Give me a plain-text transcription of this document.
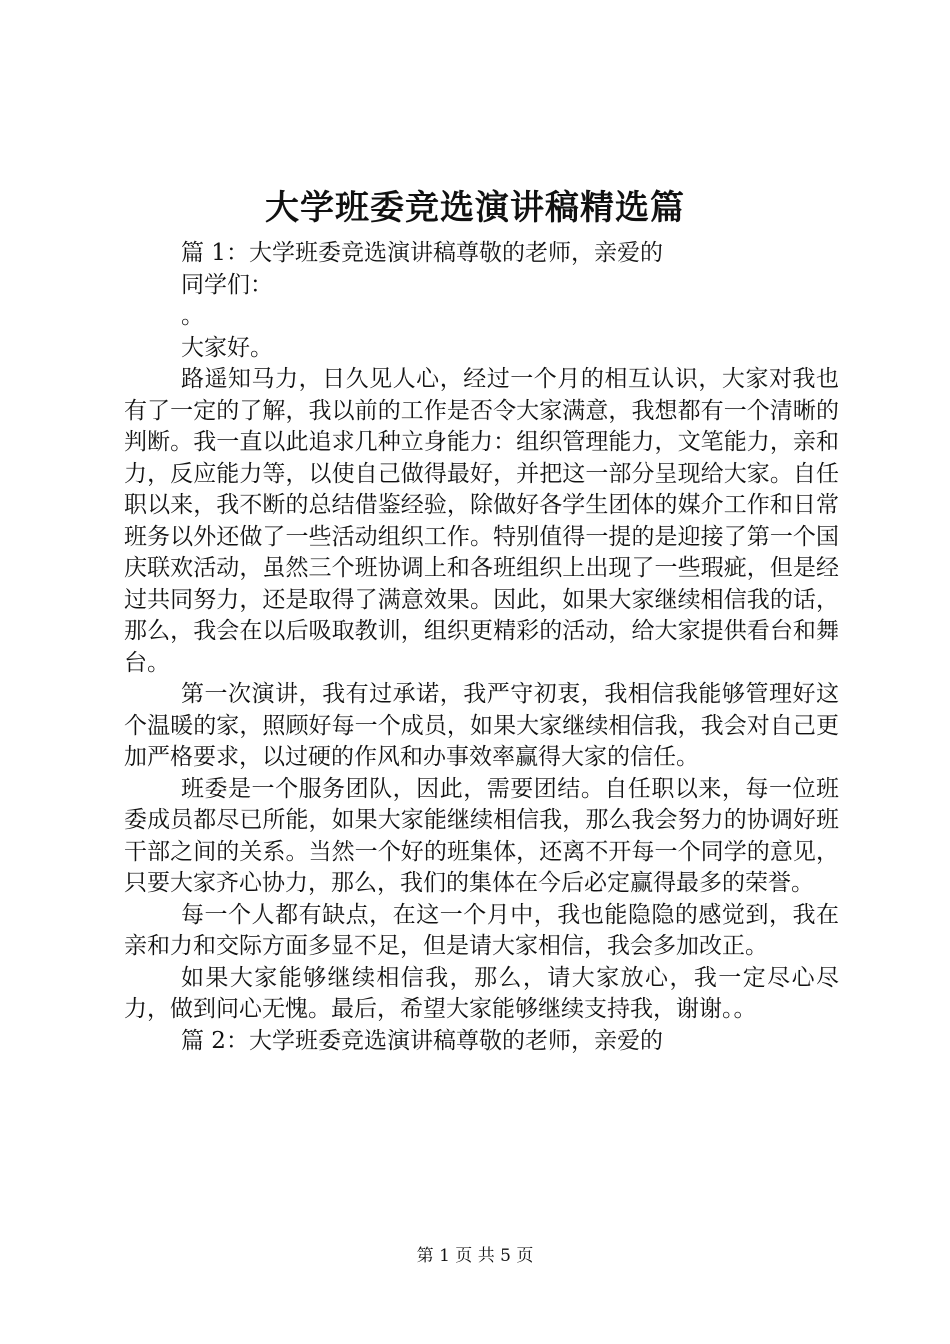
大学班委竞选演讲稿精选篇

篇 1：大学班委竞选演讲稿尊敬的老师，亲爱的

同学们：

。

大家好。

路遥知马力，日久见人心，经过一个月的相互认识，大家对我也有了一定的了解，我以前的工作是否令大家满意，我想都有一个清晰的判断。我一直以此追求几种立身能力：组织管理能力，文笔能力，亲和力，反应能力等，以使自己做得最好，并把这一部分呈现给大家。自任职以来，我不断的总结借鉴经验，除做好各学生团体的媒介工作和日常班务以外还做了一些活动组织工作。特别值得一提的是迎接了第一个国庆联欢活动，虽然三个班协调上和各班组织上出现了一些瑕疵，但是经过共同努力，还是取得了满意效果。因此，如果大家继续相信我的话，那么，我会在以后吸取教训，组织更精彩的活动，给大家提供看台和舞台。

第一次演讲，我有过承诺，我严守初衷，我相信我能够管理好这个温暖的家，照顾好每一个成员，如果大家继续相信我，我会对自己更加严格要求，以过硬的作风和办事效率赢得大家的信任。

班委是一个服务团队，因此，需要团结。自任职以来，每一位班委成员都尽已所能，如果大家能继续相信我，那么我会努力的协调好班干部之间的关系。当然一个好的班集体，还离不开每一个同学的意见，只要大家齐心协力，那么，我们的集体在今后必定赢得最多的荣誉。

每一个人都有缺点，在这一个月中，我也能隐隐的感觉到，我在亲和力和交际方面多显不足，但是请大家相信，我会多加改正。

如果大家能够继续相信我，那么，请大家放心，我一定尽心尽力，做到问心无愧。最后，希望大家能够继续支持我，谢谢。。

篇 2：大学班委竞选演讲稿尊敬的老师，亲爱的

第 1 页 共 5 页
